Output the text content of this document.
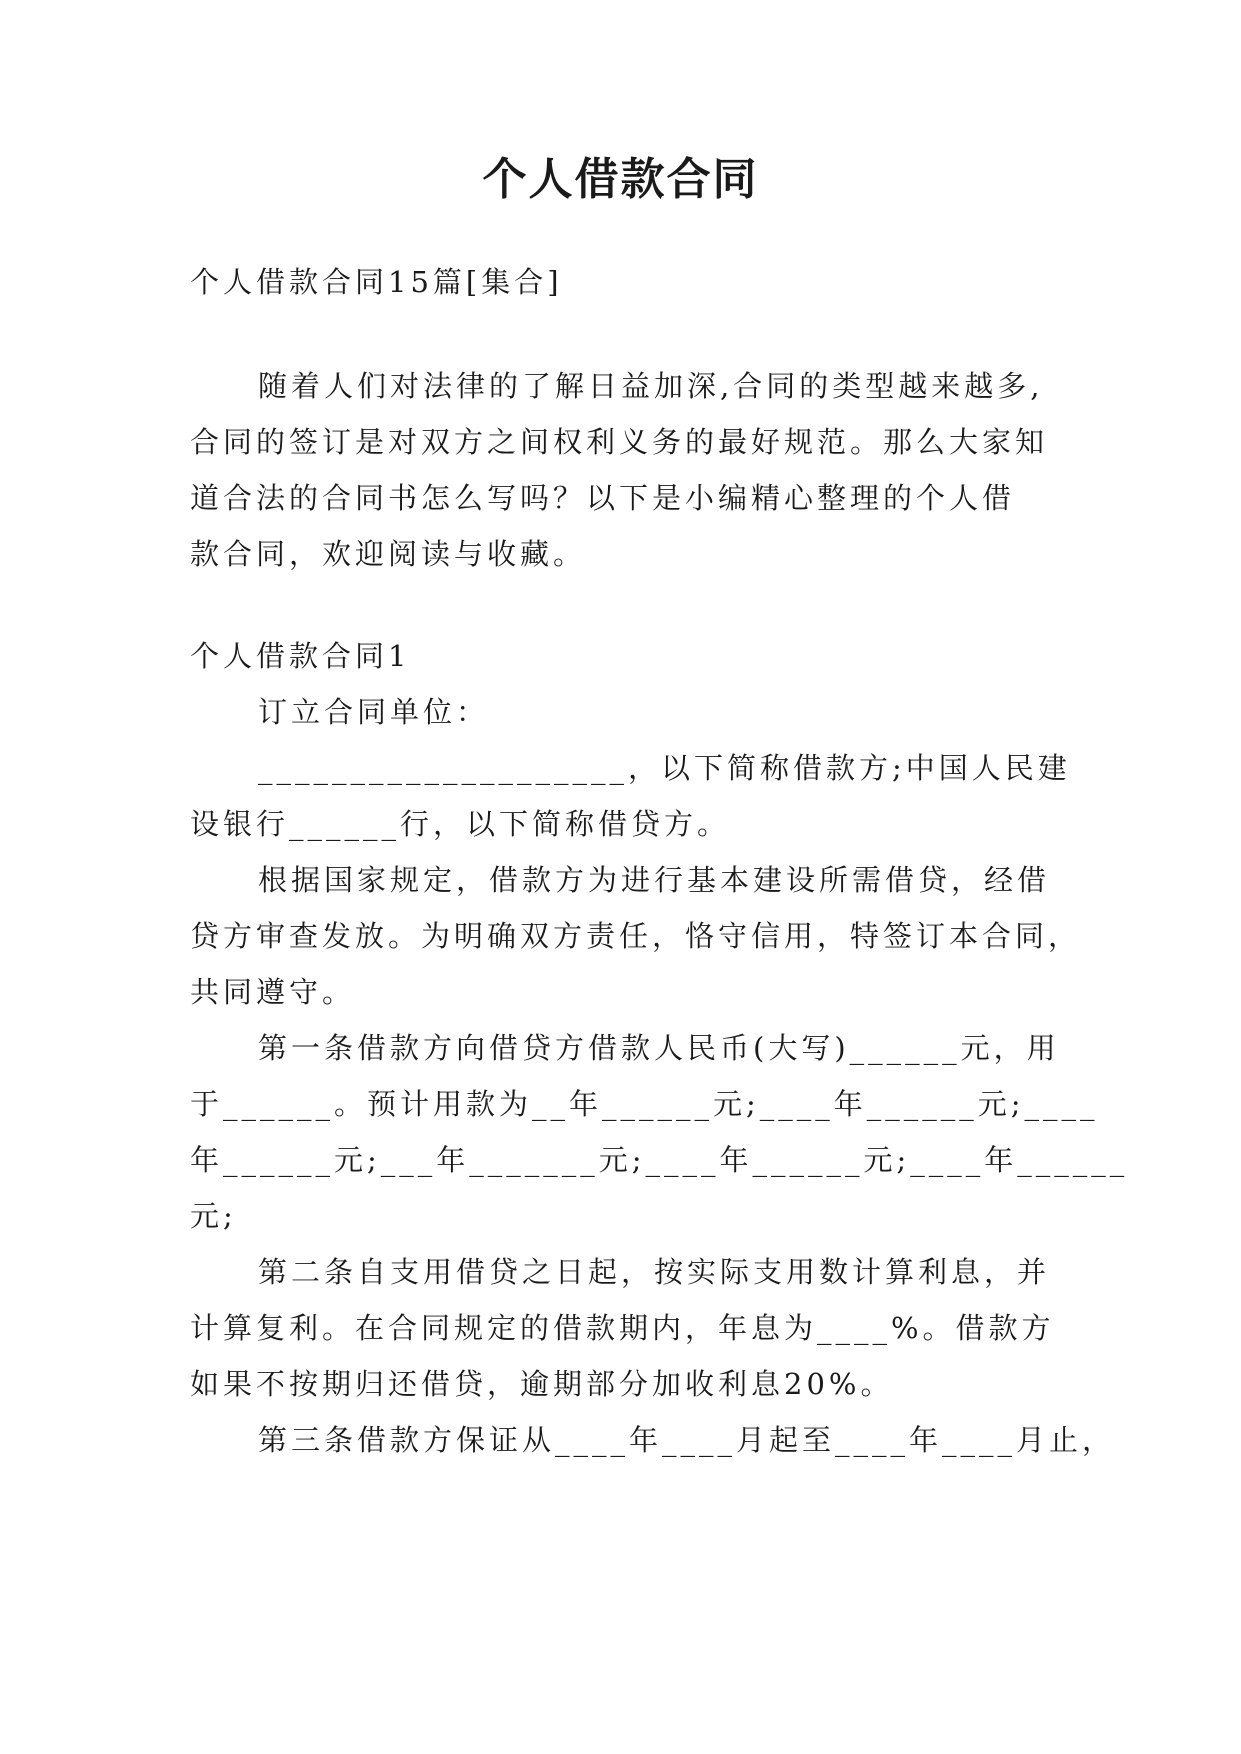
个人借款合同

个人借款合同15篇[集合]

随着人们对法律的了解日益加深,合同的类型越来越多,

合同的签订是对双方之间权利义务的最好规范。那么大家知

道合法的合同书怎么写吗？以下是小编精心整理的个人借

款合同，欢迎阅读与收藏。

个人借款合同1

订立合同单位：

____________________，以下简称借款方;中国人民建

设银行______行，以下简称借贷方。

根据国家规定，借款方为进行基本建设所需借贷，经借

贷方审查发放。为明确双方责任，恪守信用，特签订本合同，

共同遵守。

第一条借款方向借贷方借款人民币(大写)______元，用

于______。预计用款为__年______元;____年______元;____

年______元;___年_______元;____年______元;____年______

元;

第二条自支用借贷之日起，按实际支用数计算利息，并

计算复利。在合同规定的借款期内，年息为____%。借款方

如果不按期归还借贷，逾期部分加收利息20%。

第三条借款方保证从____年____月起至____年____月止，
